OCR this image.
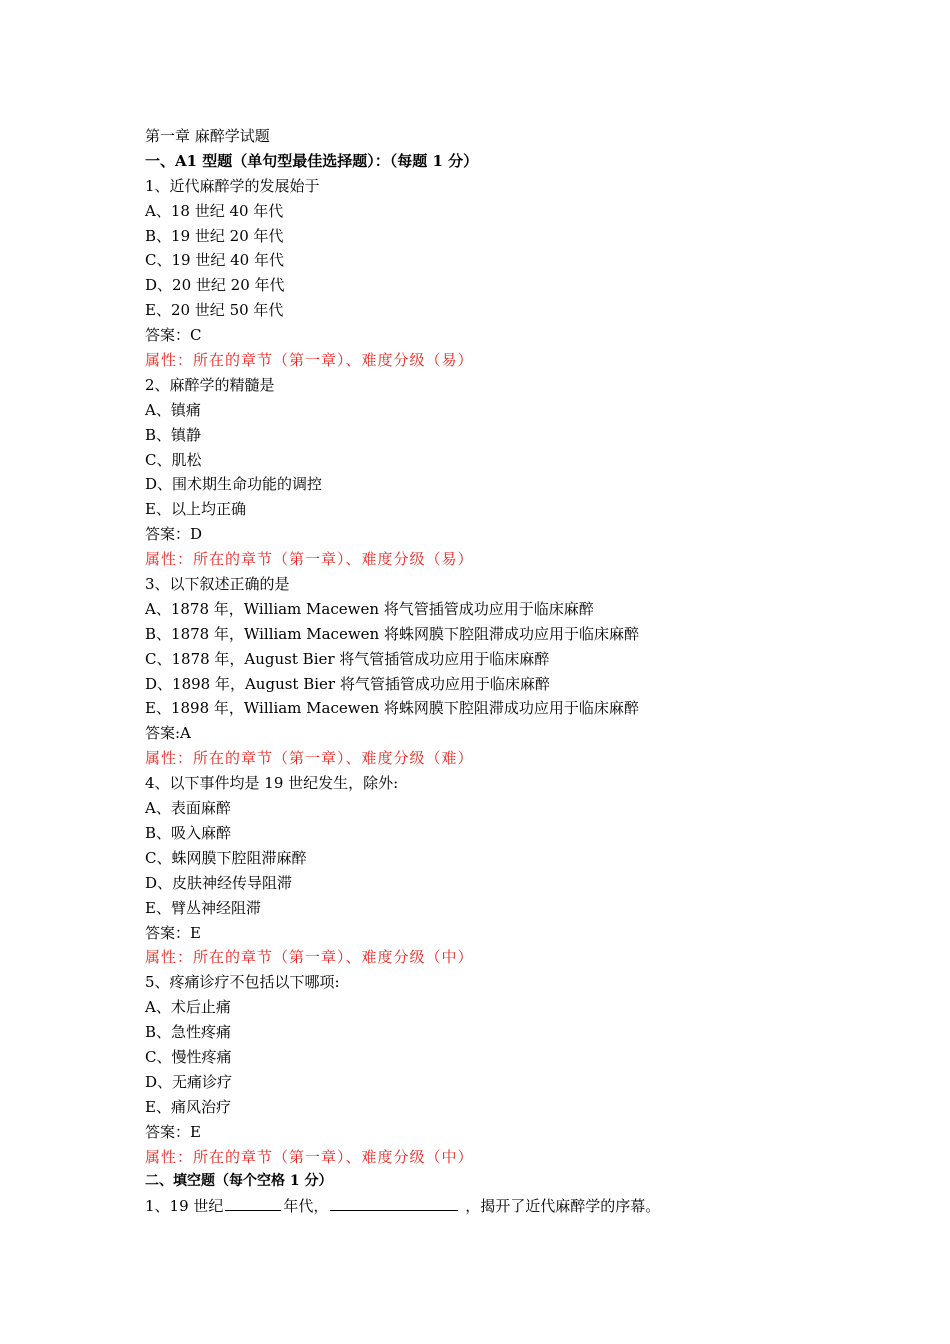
第一章 麻醉学试题
一、A1 型题（单句型最佳选择题）：（每题 1 分）
1、近代麻醉学的发展始于
A、18 世纪 40 年代
B、19 世纪 20 年代
C、19 世纪 40 年代
D、20 世纪 20 年代
E、20 世纪 50 年代
答案：C
属性：所在的章节（第一章）、难度分级（易）
2、麻醉学的精髓是
A、镇痛
B、镇静
C、肌松
D、围术期生命功能的调控
E、以上均正确
答案：D
属性：所在的章节（第一章）、难度分级（易）
3、以下叙述正确的是
A、1878 年，William Macewen 将气管插管成功应用于临床麻醉
B、1878 年，William Macewen 将蛛网膜下腔阻滞成功应用于临床麻醉
C、1878 年，August Bier 将气管插管成功应用于临床麻醉
D、1898 年，August Bier 将气管插管成功应用于临床麻醉
E、1898 年，William Macewen 将蛛网膜下腔阻滞成功应用于临床麻醉
答案:A
属性：所在的章节（第一章）、难度分级（难）
4、以下事件均是 19 世纪发生，除外:
A、表面麻醉
B、吸入麻醉
C、蛛网膜下腔阻滞麻醉
D、皮肤神经传导阻滞
E、臂丛神经阻滞
答案：E
属性：所在的章节（第一章）、难度分级（中）
5、疼痛诊疗不包括以下哪项:
A、术后止痛
B、急性疼痛
C、慢性疼痛
D、无痛诊疗
E、痛风治疗
答案：E
属性：所在的章节（第一章）、难度分级（中）
二、填空题（每个空格 1 分）
1、19 世纪	年代，	，揭开了近代麻醉学的序幕。
